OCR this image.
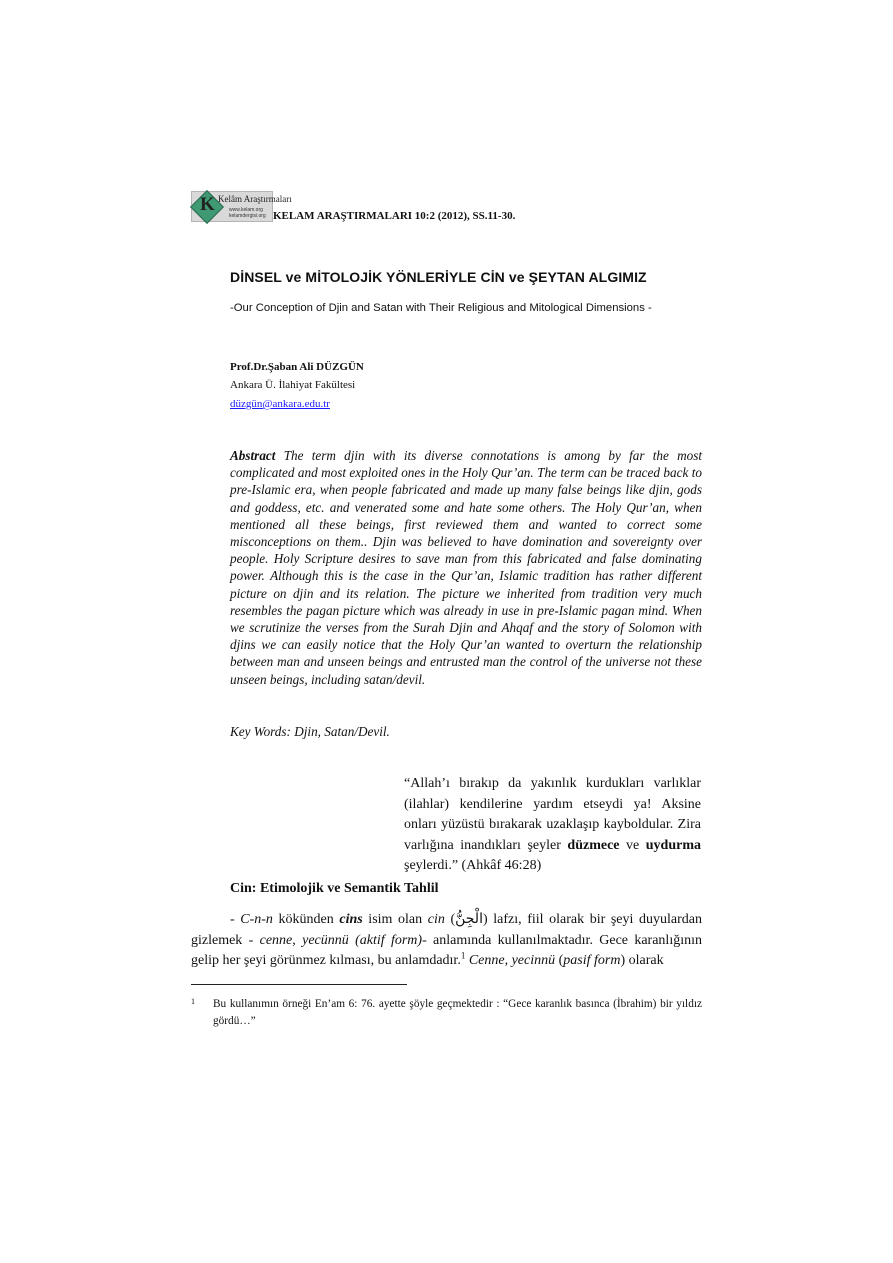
K Kelâm Araştırmaları
www.kelam.org
kelamdergisi.org KELAM ARAŞTIRMALARI 10:2 (2012), SS.11-30.
DİNSEL ve MİTOLOJİK YÖNLERİYLE CİN ve ŞEYTAN ALGIMIZ
-Our Conception of Djin and Satan with Their Religious and Mitological Dimensions -
Prof.Dr.Şaban Ali DÜZGÜN
Ankara Ü. İlahiyat Fakültesi
düzgün@ankara.edu.tr
Abstract The term djin with its diverse connotations is among by far the most complicated and most exploited ones in the Holy Qur’an. The term can be traced back to pre-Islamic era, when people fabricated and made up many false beings like djin, gods and goddess, etc. and venerated some and hate some others. The Holy Qur’an, when mentioned all these beings, first reviewed them and wanted to correct some misconceptions on them.. Djin was believed to have domination and sovereignty over people. Holy Scripture desires to save man from this fabricated and false dominating power. Although this is the case in the Qur’an, Islamic tradition has rather different picture on djin and its relation. The picture we inherited from tradition very much resembles the pagan picture which was already in use in pre-Islamic pagan mind. When we scrutinize the verses from the Surah Djin and Ahqaf and the story of Solomon with djins we can easily notice that the Holy Qur’an wanted to overturn the relationship between man and unseen beings and entrusted man the control of the universe not these unseen beings, including satan/devil.
Key Words: Djin, Satan/Devil.
“Allah’ı bırakıp da yakınlık kurdukları varlıklar (ilahlar) kendilerine yardım etseydi ya! Aksine onları yüzüstü bırakarak uzaklaşıp kayboldular. Zira varlığına inandıkları şeyler düzmece ve uydurma şeylerdi.” (Ahkâf 46:28)
Cin: Etimolojik ve Semantik Tahlil

- C-n-n kökünden cins isim olan cin (الْجِنُّ) lafzı, fiil olarak bir şeyi duyulardan gizlemek - cenne, yecünnü (aktif form)- anlamında kullanılmaktadır. Gece karanlığının gelip her şeyi görünmez kılması, bu anlamdadır.$^1$ Cenne, yecinnü (pasif form) olarak

1 Bu kullanımın örneği En’am 6: 76. ayette şöyle geçmektedir : “Gece karanlık basınca (İbrahim) bir yıldız gördü…”
